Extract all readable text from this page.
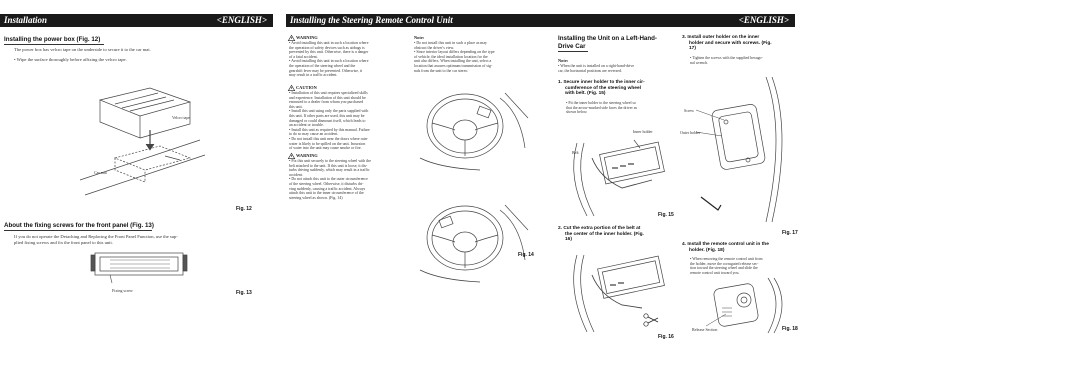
Installation	<ENGLISH>
Installing the power box (Fig. 12)
The power box has velcro tape on the underside to secure it to the car mat.
• Wipe the surface thoroughly before affixing the velcro tape.
Velcro tape
Car mat
Fig. 12
About the fixing screws for the front panel (Fig. 13)
If you do not operate the Detaching and Replacing the Front Panel Function, use the sup-
plied fixing screws and fix the front panel to this unit.
Fixing screw	Fig. 13
Installing the Steering Remote Control Unit	<ENGLISH>
WARNING
• Avoid installing this unit in such a location where
the operation of safety devices such as airbags is
prevented by this unit. Otherwise, there is a danger
of a fatal accident.
• Avoid installing this unit in such a location where
the operation of the steering wheel and the
gearshift lever may be prevented. Otherwise, it
may result in a traffic accident.
CAUTION
• Installation of this unit requires specialized skills
and experience. Installation of this unit should be
entrusted to a dealer from whom you purchased
this unit.
• Install this unit using only the parts supplied with
this unit. If other parts are used, this unit may be
damaged or could dismount itself, which leads to
an accident or trouble.
• Install this unit as required by this manual. Failure
to do so may cause an accident.
• Do not install this unit near the doors where rain-
water is likely to be spilled on the unit. Incursion
of water into the unit may cause smoke or fire.
WARNING
• Fix this unit securely to the steering wheel with the
belt attached to the unit. If this unit is loose, it dis-
turbs driving suddenly, which may result in a traffic
accident.
• Do not attach this unit to the outer circumference
of the steering wheel. Otherwise, it disturbs dri-
ving suddenly, causing a traffic accident. Always
attach this unit to the inner circumference of the
steering wheel as shown. (Fig. 14)
Note:
• Do not install this unit in such a place as may
obstruct the driver's view.
• Since interior layout differs depending on the type
of vehicle, the ideal installation location for the
unit also differs. When installing the unit, select a
location that assures optimum transmission of sig-
nals from the unit to the car stereo.
Fig. 14
Installing the Unit on a Left-Hand-
Drive Car
Note:
• When the unit is installed on a right-hand-drive
car, the horizontal positions are reversed.
1. Secure inner holder to the inner cir-
cumference of the steering wheel
with belt. (Fig. 15)
• Fit the inner holder to the steering wheel so
that the arrow-marked side faces the driver as
shown below.
Inner holder
Belt
Fig. 15
2. Cut the extra portion of the belt at
the center of the inner holder. (Fig.
16)
Fig. 16
3. Install outer holder on the inner
holder and secure with screws. (Fig.
17)
• Tighten the screws with the supplied hexago-
nal wrench.
Screw
Outer holder
Fig. 17
4. Install the remote control unit in the
holder. (Fig. 18)
• When removing the remote control unit from
the holder, move the corrugated release sec-
tion toward the steering wheel and slide the
remote control unit toward you.
Release Section	Fig. 18
